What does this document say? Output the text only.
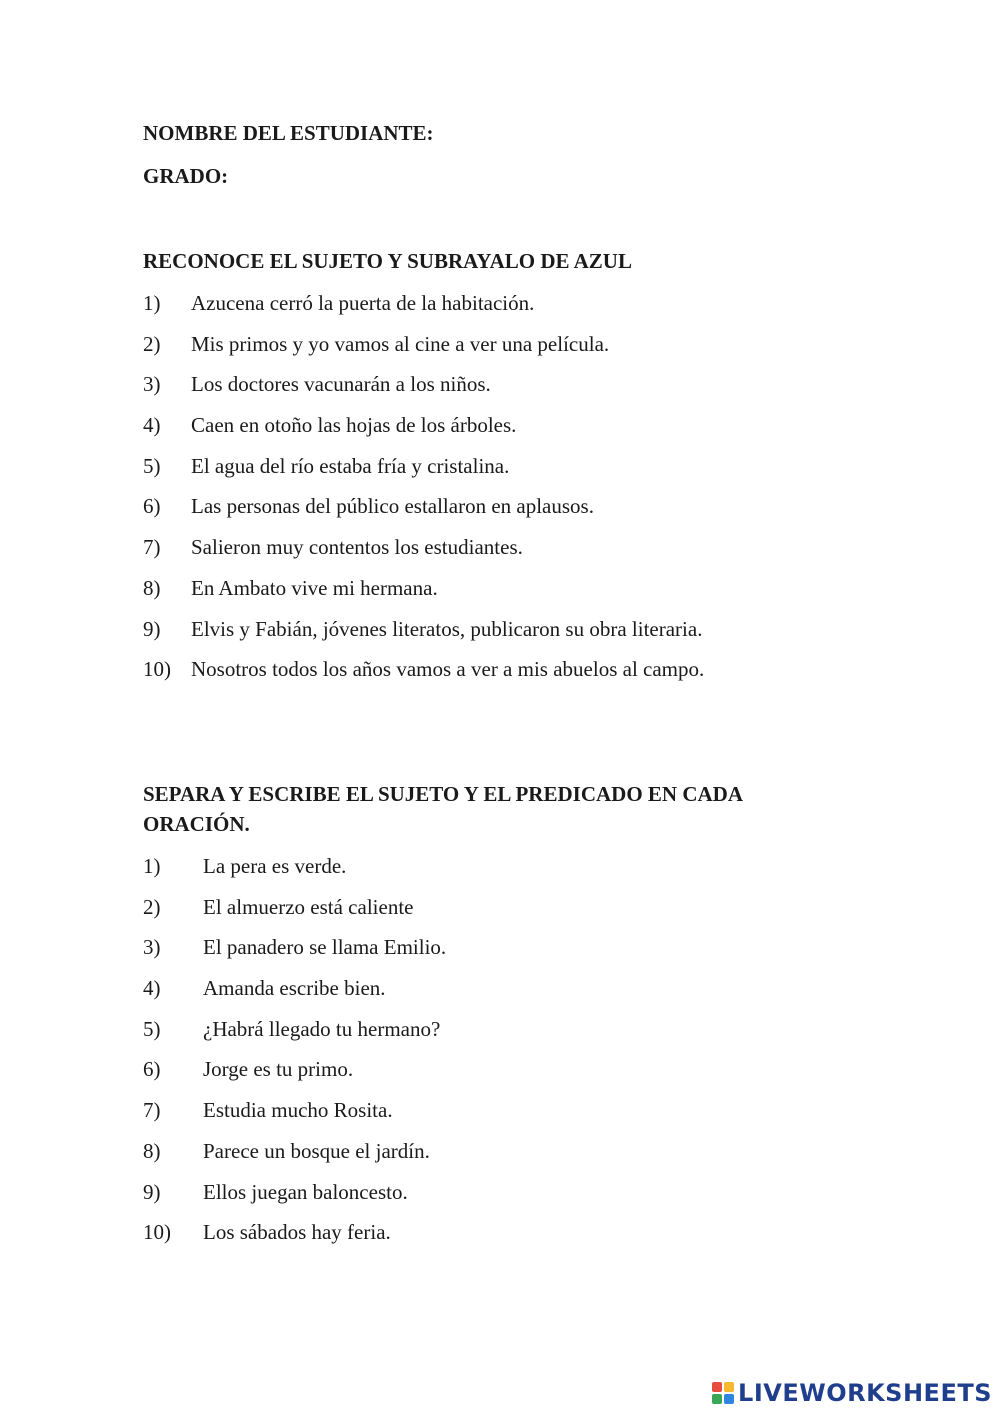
NOMBRE DEL ESTUDIANTE:
GRADO:
RECONOCE EL SUJETO Y SUBRAYALO DE AZUL
1) Azucena cerró la puerta de la habitación.
2) Mis primos y yo vamos al cine a ver una película.
3) Los doctores vacunarán a los niños.
4) Caen en otoño las hojas de los árboles.
5) El agua del río estaba fría y cristalina.
6) Las personas del público estallaron en aplausos.
7) Salieron muy contentos los estudiantes.
8) En Ambato vive mi hermana.
9) Elvis y Fabián, jóvenes literatos, publicaron su obra literaria.
10) Nosotros todos los años vamos a ver a mis abuelos al campo.
SEPARA Y ESCRIBE EL SUJETO Y EL PREDICADO EN CADA
ORACIÓN.
1) La pera es verde.
2) El almuerzo está caliente
3) El panadero se llama Emilio.
4) Amanda escribe bien.
5) ¿Habrá llegado tu hermano?
6) Jorge es tu primo.
7) Estudia mucho Rosita.
8) Parece un bosque el jardín.
9) Ellos juegan baloncesto.
10) Los sábados hay feria.
LIVEWORKSHEETS
